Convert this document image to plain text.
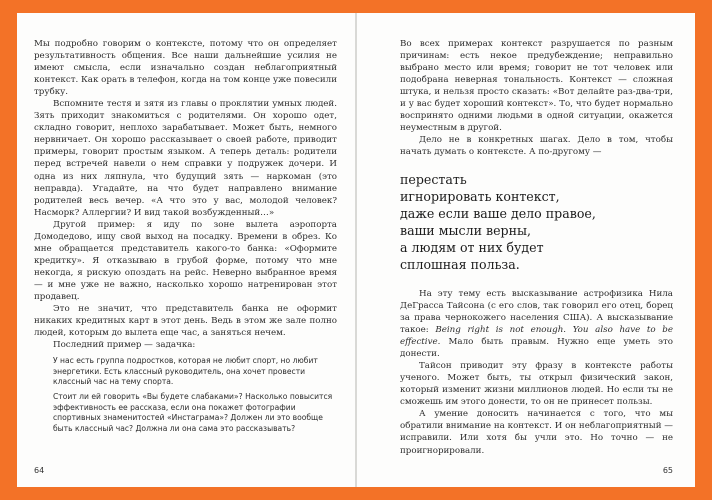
Мы подробно говорим о контексте, потому что он определяет результативность общения. Все наши дальнейшие усилия не имеют смысла, если изначально создан неблагоприятный контекст. Как орать в телефон, когда на том конце уже повесили трубку.

Вспомните тестя и зятя из главы о проклятии умных людей. Зять приходит знакомиться с родителями. Он хорошо одет, складно говорит, неплохо зарабатывает. Может быть, немного нервничает. Он хорошо рассказывает о своей работе, приводит примеры, говорит простым языком. А теперь деталь: родители перед встречей навели о нем справки у подружек дочери. И одна из них ляпнула, что будущий зять — наркоман (это неправда). Угадайте, на что будет направлено внимание родителей весь вечер. «А что это у вас, молодой человек? Насморк? Аллергии? И вид такой возбужденный…»

Другой пример: я иду по зоне вылета аэропорта Домодедово, ищу свой выход на посадку. Времени в обрез. Ко мне обращается представитель какого-то банка: «Оформите кредитку». Я отказываю в грубой форме, потому что мне некогда, я рискую опоздать на рейс. Неверно выбранное время — и мне уже не важно, насколько хорошо натренирован этот продавец.

Это не значит, что представитель банка не оформит никаких кредитных карт в этот день. Ведь в этом же зале полно людей, которым до вылета еще час, а заняться нечем.

Последний пример — задачка:

У нас есть группа подростков, которая не любит спорт, но любит энергетики. Есть классный руководитель, она хочет провести классный час на тему спорта.

Стоит ли ей говорить «Вы будете слабаками»? Насколько повысится эффективность ее рассказа, если она покажет фотографии спортивных знаменитостей «Инстаграма»? Должен ли это вообще быть классный час? Должна ли она сама это рассказывать?

64

Во всех примерах контекст разрушается по разным причинам: есть некое предубеждение; неправильно выбрано место или время; говорит не тот человек или подобрана неверная тональность. Контекст — сложная штука, и нельзя просто сказать: «Вот делайте раз-два-три, и у вас будет хороший контекст». То, что будет нормально воспринято одними людьми в одной ситуации, окажется неуместным в другой.

Дело не в конкретных шагах. Дело в том, чтобы начать думать о контексте. А по-другому —

перестать
игнорировать контекст,
даже если ваше дело правое,
ваши мысли верны,
а людям от них будет
сплошная польза.

На эту тему есть высказывание астрофизика Нила ДеГрасса Тайсона (с его слов, так говорил его отец, борец за права чернокожего населения США). А высказывание такое: Being right is not enough. You also have to be effective. Мало быть правым. Нужно еще уметь это донести.

Тайсон приводит эту фразу в контексте работы ученого. Может быть, ты открыл физический закон, который изменит жизни миллионов людей. Но если ты не сможешь им этого донести, то он не принесет пользы.

А умение доносить начинается с того, что мы обратили внимание на контекст. И он неблагоприятный — исправили. Или хотя бы учли это. Но точно — не проигнорировали.

65
